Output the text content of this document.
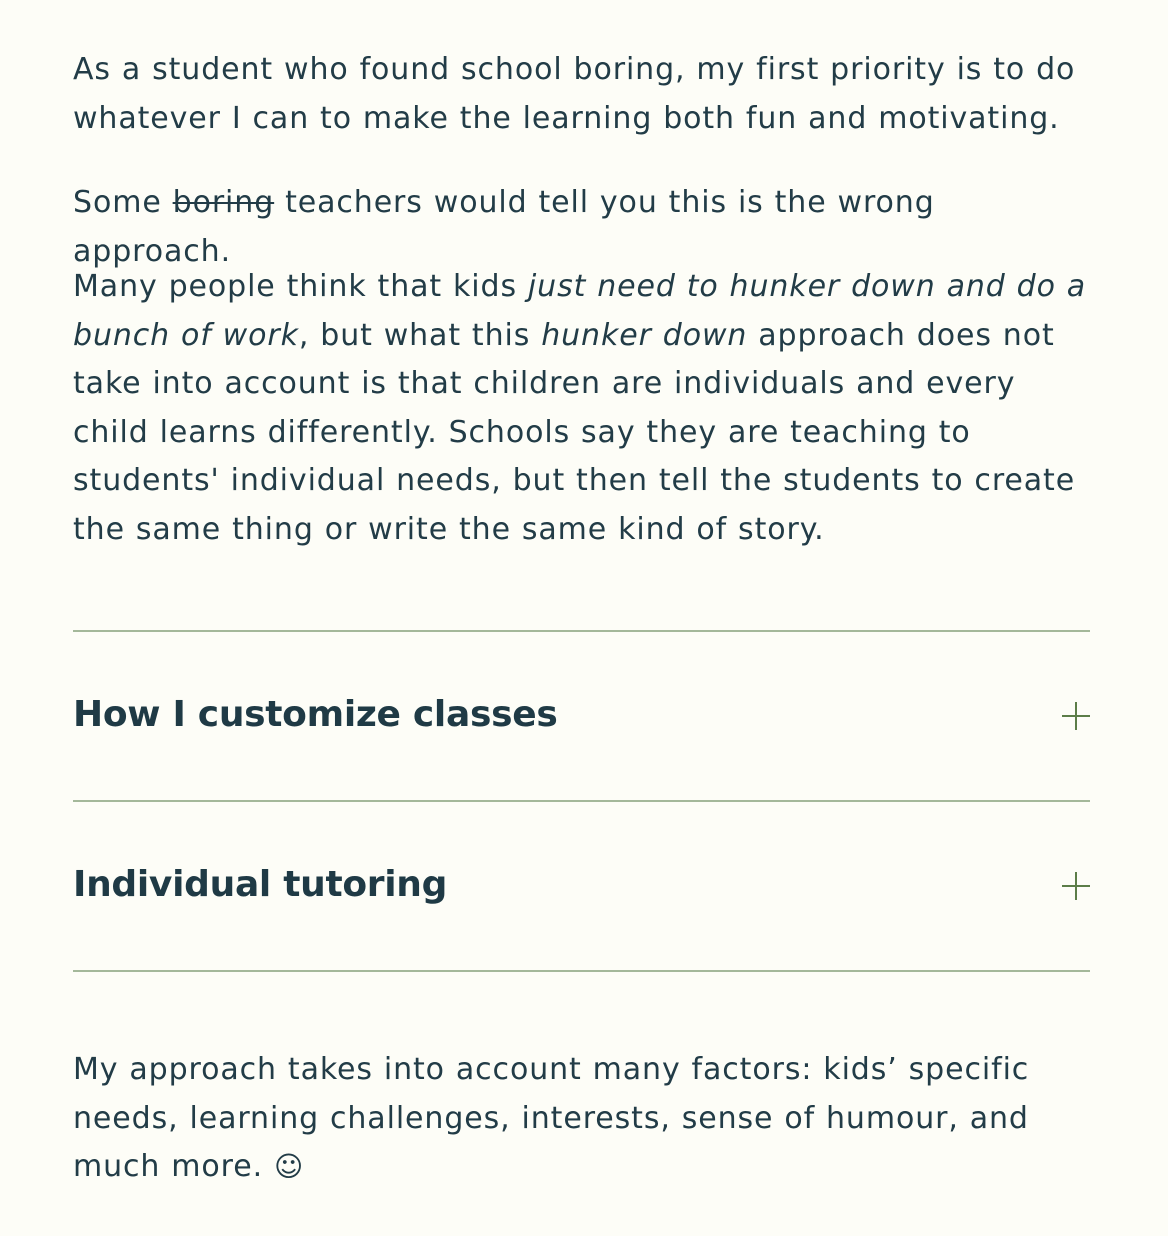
As a student who found school boring, my first priority is to do whatever I can to make the learning both fun and motivating.

Some boring teachers would tell you this is the wrong approach.

Many people think that kids just need to hunker down and do a bunch of work, but what this hunker down approach does not take into account is that children are individuals and every child learns differently. Schools say they are teaching to students' individual needs, but then tell the students to create the same thing or write the same kind of story.

How I customize classes
Individual tutoring

My approach takes into account many factors: kids’ specific needs, learning challenges, interests, sense of humour, and much more. ☺
